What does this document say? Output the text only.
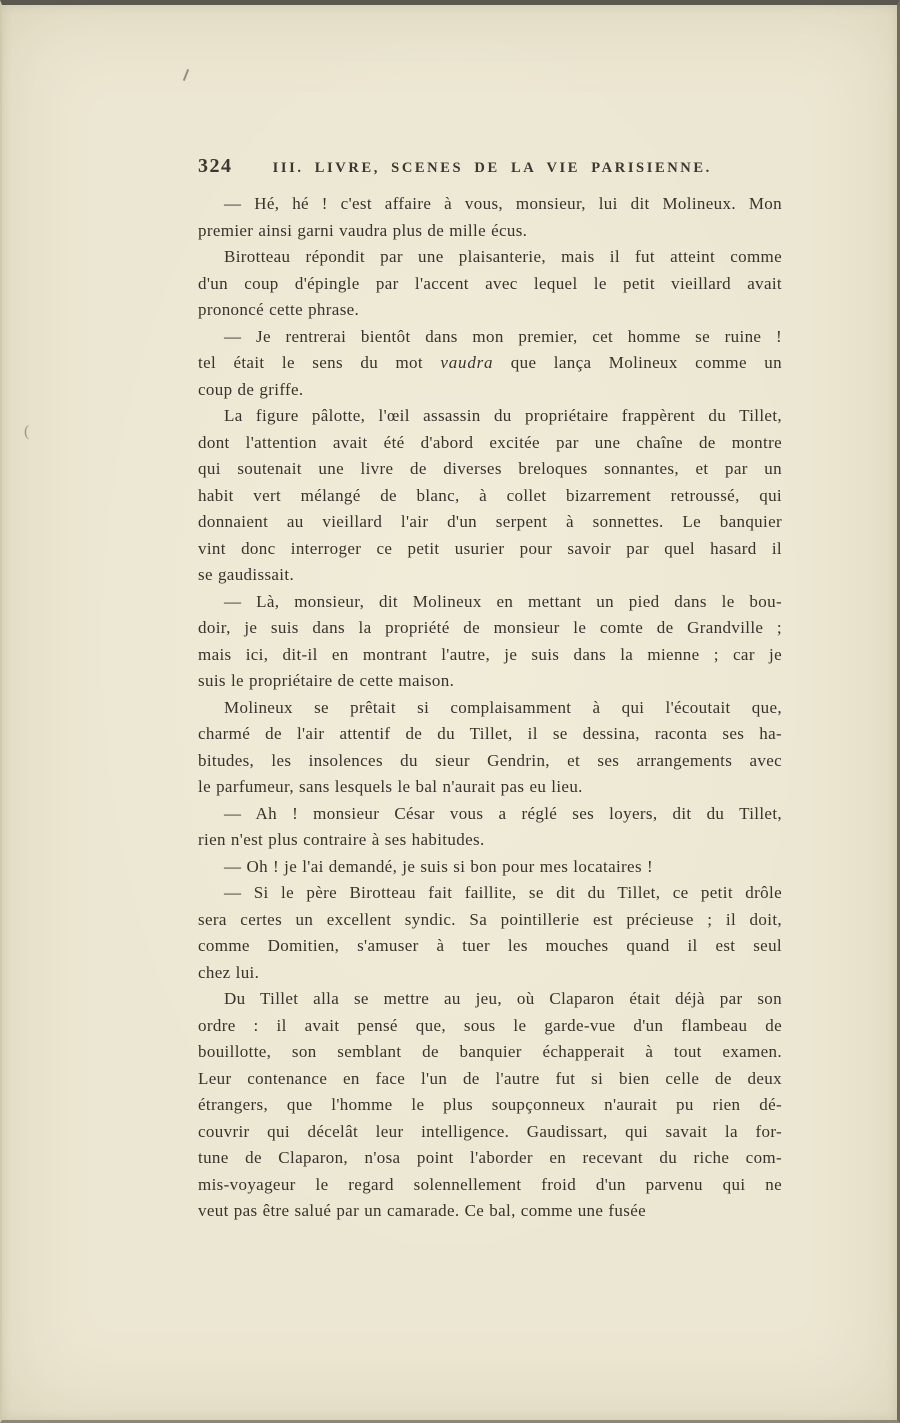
(
324	III. LIVRE, SCENES DE LA VIE PARISIENNE.
— Hé, hé ! c'est affaire à vous, monsieur, lui dit Molineux. Mon
premier ainsi garni vaudra plus de mille écus.
Birotteau répondit par une plaisanterie, mais il fut atteint comme
d'un coup d'épingle par l'accent avec lequel le petit vieillard avait
prononcé cette phrase.
— Je rentrerai bientôt dans mon premier, cet homme se ruine !
tel était le sens du mot vaudra que lança Molineux comme un
coup de griffe.
La figure pâlotte, l'œil assassin du propriétaire frappèrent du Tillet,
dont l'attention avait été d'abord excitée par une chaîne de montre
qui soutenait une livre de diverses breloques sonnantes, et par un
habit vert mélangé de blanc, à collet bizarrement retroussé, qui
donnaient au vieillard l'air d'un serpent à sonnettes. Le banquier
vint donc interroger ce petit usurier pour savoir par quel hasard il
se gaudissait.
— Là, monsieur, dit Molineux en mettant un pied dans le bou-
doir, je suis dans la propriété de monsieur le comte de Grandville ;
mais ici, dit-il en montrant l'autre, je suis dans la mienne ; car je
suis le propriétaire de cette maison.
Molineux se prêtait si complaisamment à qui l'écoutait que,
charmé de l'air attentif de du Tillet, il se dessina, raconta ses ha-
bitudes, les insolences du sieur Gendrin, et ses arrangements avec
le parfumeur, sans lesquels le bal n'aurait pas eu lieu.
— Ah ! monsieur César vous a réglé ses loyers, dit du Tillet,
rien n'est plus contraire à ses habitudes.
— Oh ! je l'ai demandé, je suis si bon pour mes locataires !
— Si le père Birotteau fait faillite, se dit du Tillet, ce petit drôle
sera certes un excellent syndic. Sa pointillerie est précieuse ; il doit,
comme Domitien, s'amuser à tuer les mouches quand il est seul
chez lui.
Du Tillet alla se mettre au jeu, où Claparon était déjà par son
ordre : il avait pensé que, sous le garde-vue d'un flambeau de
bouillotte, son semblant de banquier échapperait à tout examen.
Leur contenance en face l'un de l'autre fut si bien celle de deux
étrangers, que l'homme le plus soupçonneux n'aurait pu rien dé-
couvrir qui décelât leur intelligence. Gaudissart, qui savait la for-
tune de Claparon, n'osa point l'aborder en recevant du riche com-
mis-voyageur le regard solennellement froid d'un parvenu qui ne
veut pas être salué par un camarade. Ce bal, comme une fusée
